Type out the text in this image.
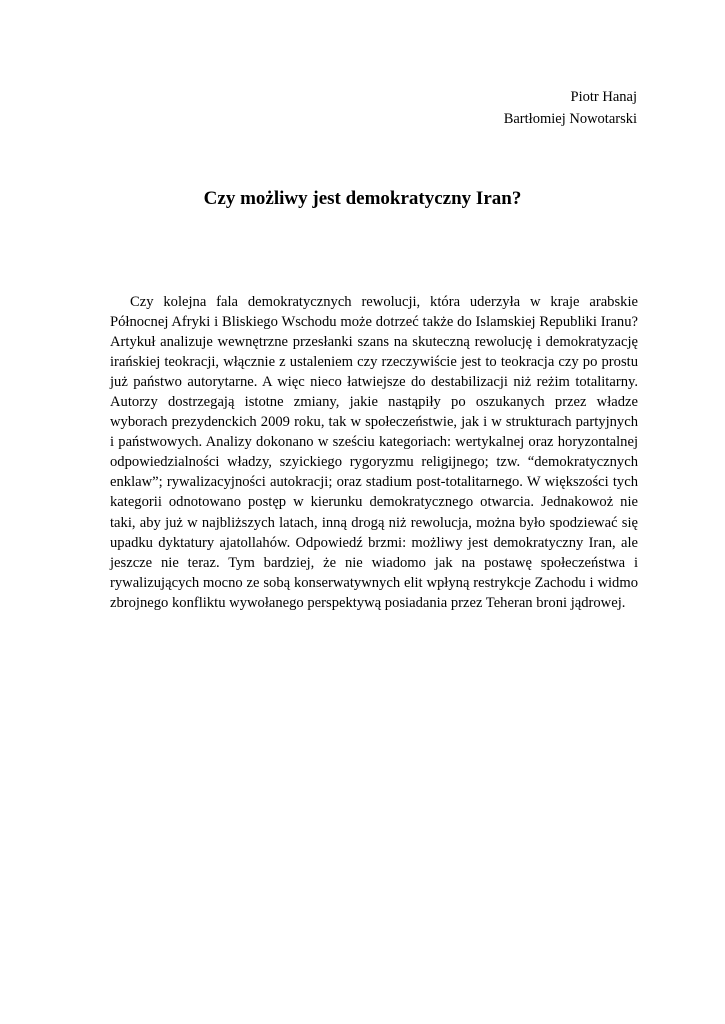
Piotr Hanaj
Bartłomiej Nowotarski
Czy możliwy jest demokratyczny Iran?
Czy kolejna fala demokratycznych rewolucji, która uderzyła w kraje arabskie
Północnej Afryki i Bliskiego Wschodu może dotrzeć także do Islamskiej Republiki Iranu?
Artykuł analizuje wewnętrzne przesłanki szans na skuteczną rewolucję i demokratyzację
irańskiej teokracji, włącznie z ustaleniem czy rzeczywiście jest to teokracja czy po prostu
już państwo autorytarne. A więc nieco łatwiejsze do destabilizacji niż reżim totalitarny.
Autorzy dostrzegają istotne zmiany, jakie nastąpiły po oszukanych przez władze
wyborach prezydenckich 2009 roku, tak w społeczeństwie, jak i w strukturach partyjnych
i państwowych. Analizy dokonano w sześciu kategoriach: wertykalnej oraz horyzontalnej
odpowiedzialności władzy, szyickiego rygoryzmu religijnego; tzw. “demokratycznych
enklaw”; rywalizacyjności autokracji; oraz stadium post-totalitarnego. W większości tych
kategorii odnotowano postęp w kierunku demokratycznego otwarcia. Jednakowoż nie
taki, aby już w najbliższych latach, inną drogą niż rewolucja, można było spodziewać się
upadku dyktatury ajatollahów. Odpowiedź brzmi: możliwy jest demokratyczny Iran, ale
jeszcze nie teraz. Tym bardziej, że nie wiadomo jak na postawę społeczeństwa i
rywalizujących mocno ze sobą konserwatywnych elit wpłyną restrykcje Zachodu i widmo
zbrojnego konfliktu wywołanego perspektywą posiadania przez Teheran broni jądrowej.
